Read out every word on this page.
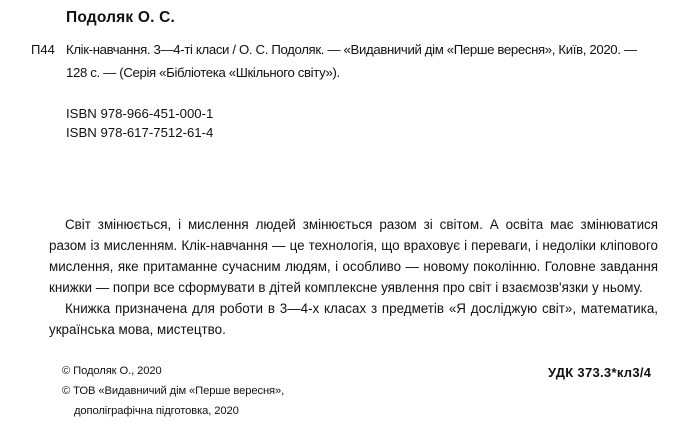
Подоляк О. С.
П44 Клік-навчання. 3—4-ті класи / О. С. Подоляк. — «Видавничий дім «Перше вересня», Київ, 2020. —
128 с. — (Серія «Бібліотека «Шкільного світу»).
ISBN 978-966-451-000-1
ISBN 978-617-7512-61-4

Світ змінюється, і мислення людей змінюється разом зі світом. А освіта має змінюватися разом із мисленням. Клік-навчання — це технологія, що враховує і переваги, і недоліки кліпового мислення, яке притаманне сучасним людям, і особливо — новому поколінню. Головне завдання книжки — попри все сформувати в дітей комплексне уявлення про світ і взаємозв'язки у ньому.

Книжка призначена для роботи в 3—4-х класах з предметів «Я досліджую світ», математика, українська мова, мистецтво.

© Подоляк О., 2020
© ТОВ «Видавничий дім «Перше вересня»,
дополіграфічна підготовка, 2020
УДК 373.3*кл3/4
